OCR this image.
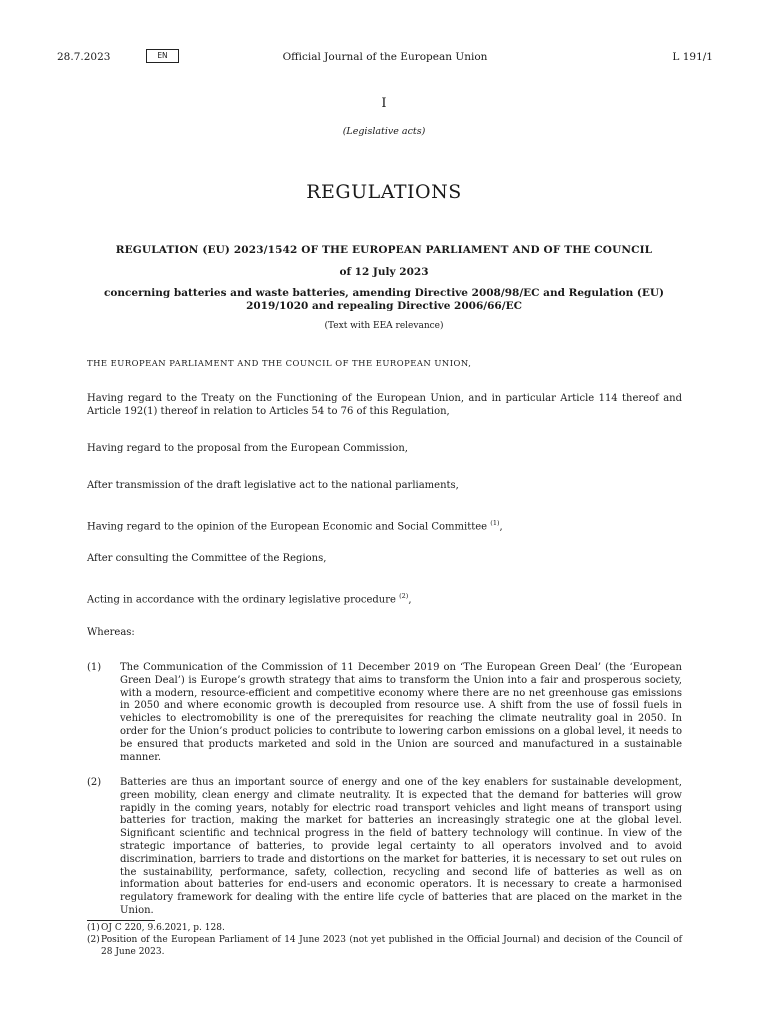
28.7.2023	EN	Official Journal of the European Union	L 191/1
I
(Legislative acts)
REGULATIONS
REGULATION (EU) 2023/1542 OF THE EUROPEAN PARLIAMENT AND OF THE COUNCIL
of 12 July 2023
concerning batteries and waste batteries, amending Directive 2008/98/EC and Regulation (EU)
2019/1020 and repealing Directive 2006/66/EC
(Text with EEA relevance)
THE EUROPEAN PARLIAMENT AND THE COUNCIL OF THE EUROPEAN UNION,
Having regard to the Treaty on the Functioning of the European Union, and in particular Article 114 thereof and Article 192(1) thereof in relation to Articles 54 to 76 of this Regulation,
Having regard to the proposal from the European Commission,
After transmission of the draft legislative act to the national parliaments,
Having regard to the opinion of the European Economic and Social Committee $^{(1)}$,
After consulting the Committee of the Regions,
Acting in accordance with the ordinary legislative procedure $^{(2)}$,
Whereas:
(1) The Communication of the Commission of 11 December 2019 on ‘The European Green Deal’ (the ‘European Green Deal’) is Europe’s growth strategy that aims to transform the Union into a fair and prosperous society, with a modern, resource-efficient and competitive economy where there are no net greenhouse gas emissions in 2050 and where economic growth is decoupled from resource use. A shift from the use of fossil fuels in vehicles to electromobility is one of the prerequisites for reaching the climate neutrality goal in 2050. In order for the Union’s product policies to contribute to lowering carbon emissions on a global level, it needs to be ensured that products marketed and sold in the Union are sourced and manufactured in a sustainable manner.
(2) Batteries are thus an important source of energy and one of the key enablers for sustainable development, green mobility, clean energy and climate neutrality. It is expected that the demand for batteries will grow rapidly in the coming years, notably for electric road transport vehicles and light means of transport using batteries for traction, making the market for batteries an increasingly strategic one at the global level. Significant scientific and technical progress in the field of battery technology will continue. In view of the strategic importance of batteries, to provide legal certainty to all operators involved and to avoid discrimination, barriers to trade and distortions on the market for batteries, it is necessary to set out rules on the sustainability, performance, safety, collection, recycling and second life of batteries as well as on information about batteries for end-users and economic operators. It is necessary to create a harmonised regulatory framework for dealing with the entire life cycle of batteries that are placed on the market in the Union.
(1) OJ C 220, 9.6.2021, p. 128.
(2) Position of the European Parliament of 14 June 2023 (not yet published in the Official Journal) and decision of the Council of 28 June 2023.
